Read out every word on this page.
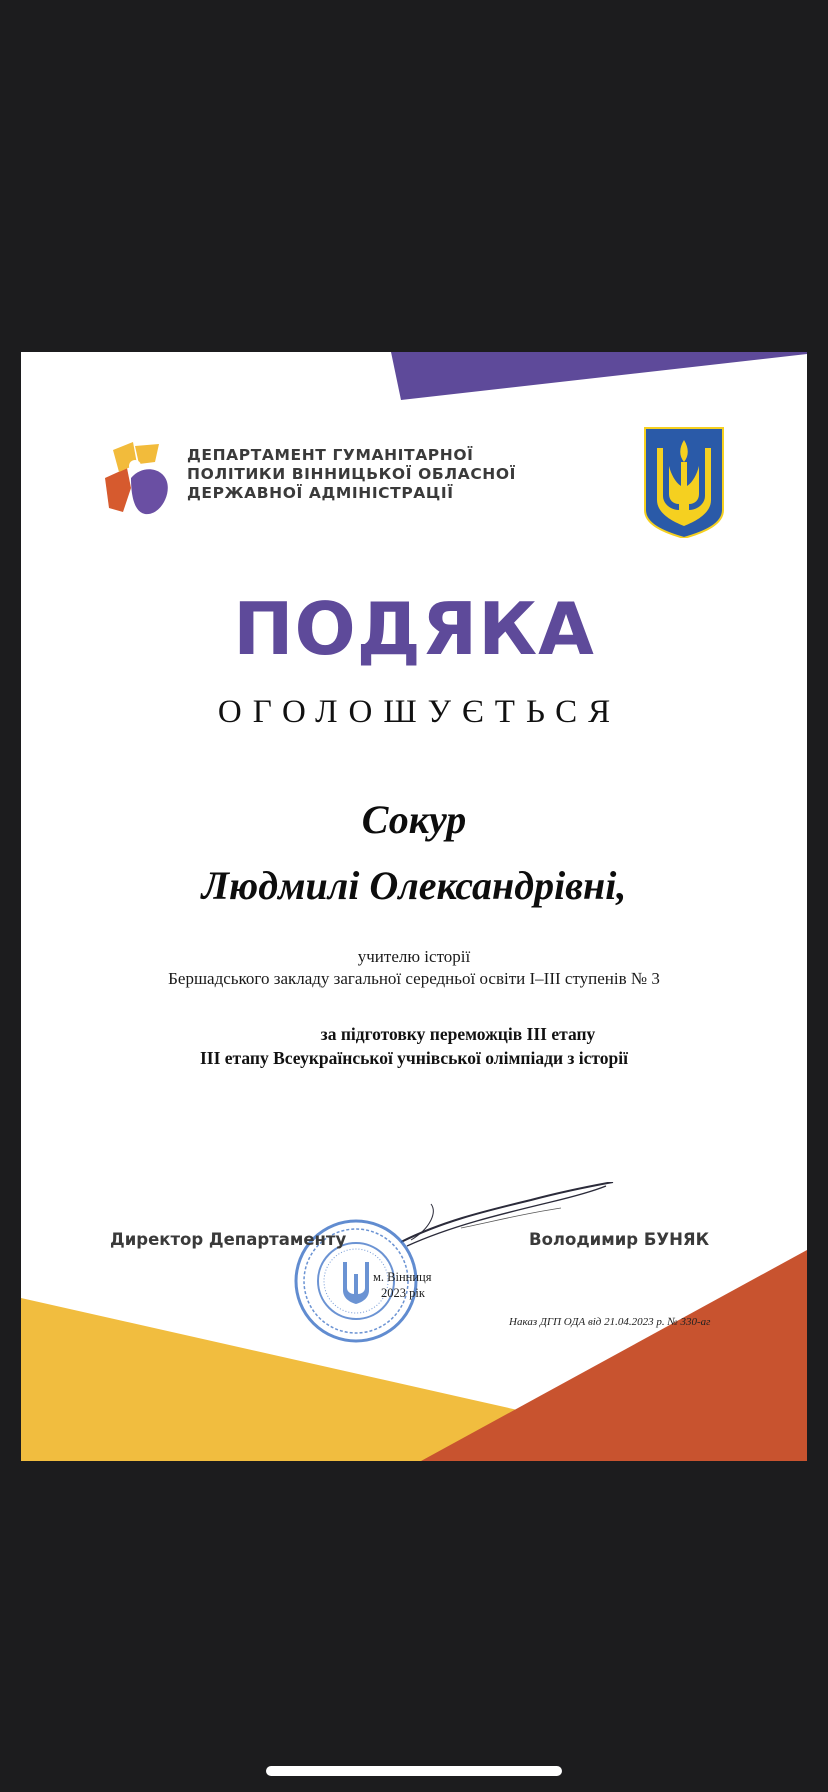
ДЕПАРТАМЕНТ ГУМАНІТАРНОЇ
ПОЛІТИКИ ВІННИЦЬКОЇ ОБЛАСНОЇ
ДЕРЖАВНОЇ АДМІНІСТРАЦІЇ
ПОДЯКА
ОГОЛОШУЄТЬСЯ
Сокур
Людмилі Олександрівні,
учителю історії
Бершадського закладу загальної середньої освіти І–ІІІ ступенів № 3
за підготовку переможців ІІІ етапу
ІІІ етапу Всеукраїнської учнівської олімпіади з історії
Директор Департаменту	Володимир БУНЯК
м. Вінниця
2023 рік
Наказ ДГП ОДА від 21.04.2023 р. № 330-аг
